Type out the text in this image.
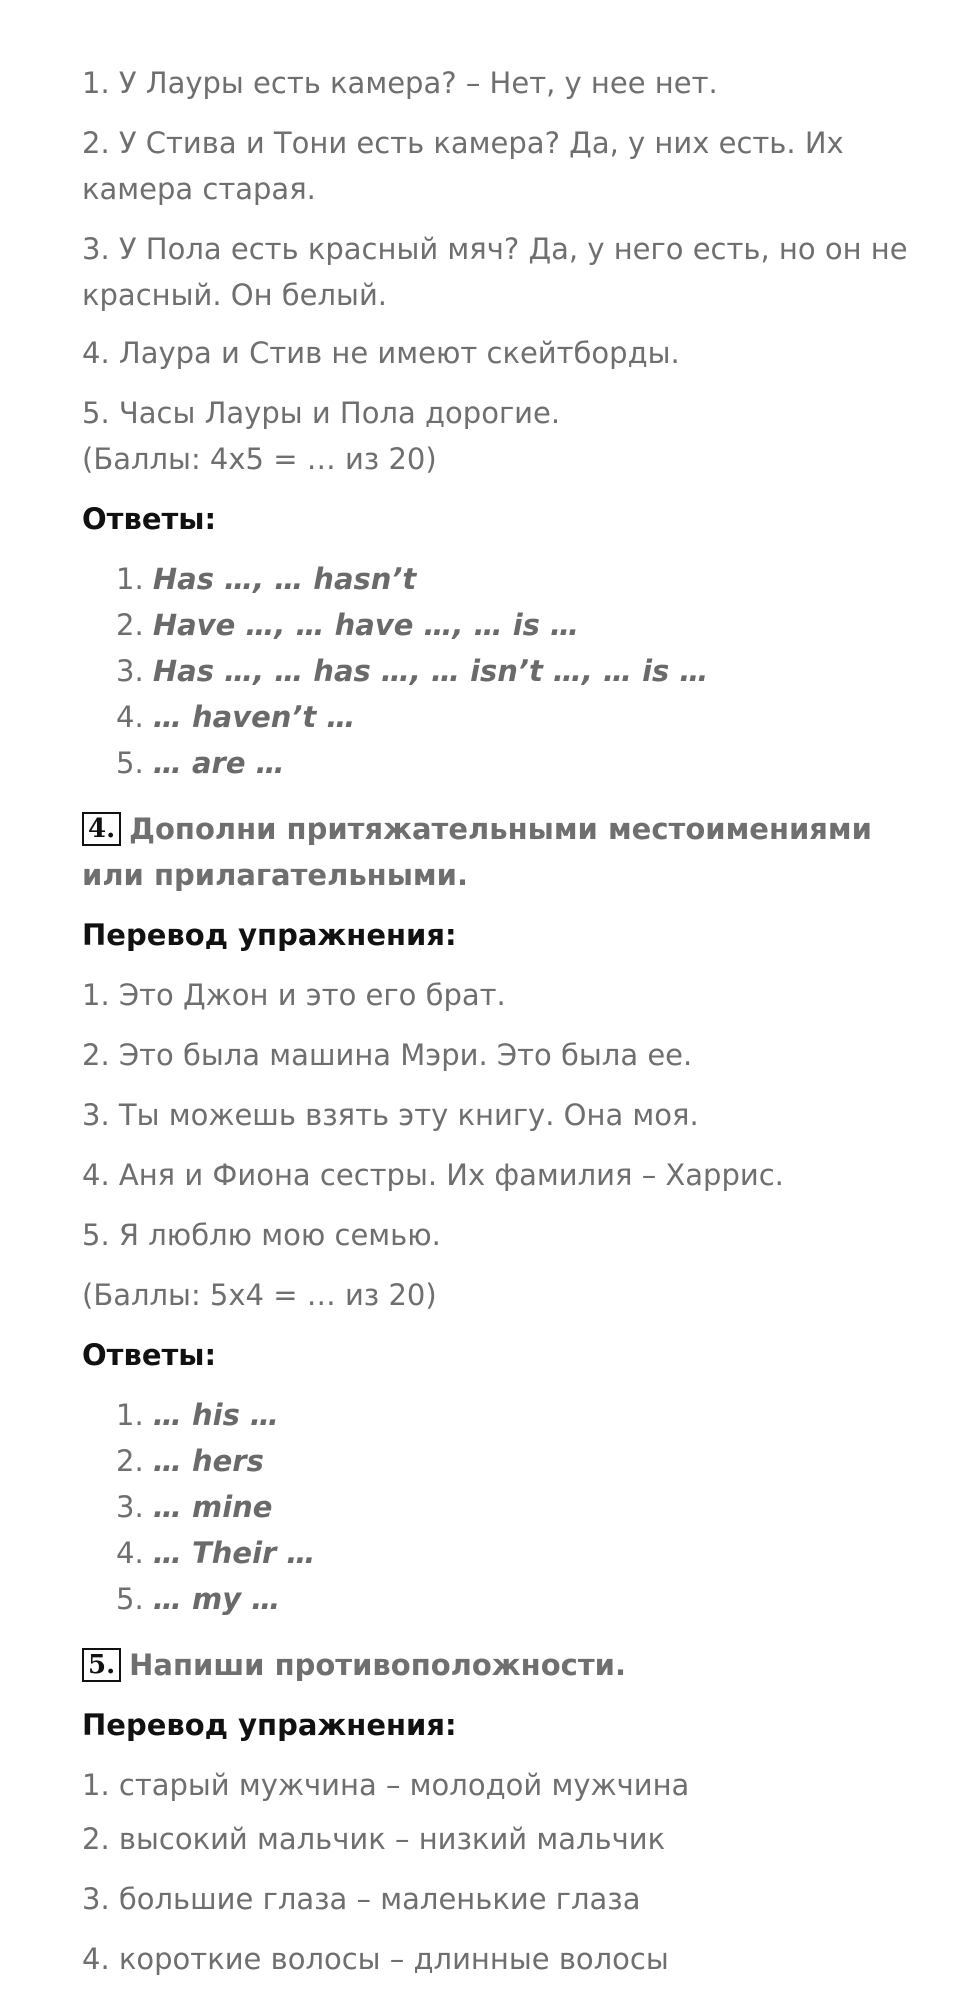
1. У Лауры есть камера? – Нет, у нее нет.

2. У Стива и Тони есть камера? Да, у них есть. Их камера старая.

3. У Пола есть красный мяч? Да, у него есть, но он не красный. Он белый.

4. Лаура и Стив не имеют скейтборды.

5. Часы Лауры и Пола дорогие.

(Баллы: 4х5 = … из 20)

Ответы:

1. Has …, … hasn’t
2. Have …, … have …, … is …
3. Has …, … has …, … isn’t …, … is …
4. … haven’t …
5. … are …
4. Дополни притяжательными местоимениями или прилагательными.

Перевод упражнения:

1. Это Джон и это его брат.

2. Это была машина Мэри. Это была ее.

3. Ты можешь взять эту книгу. Она моя.

4. Аня и Фиона сестры. Их фамилия – Харрис.

5. Я люблю мою семью.

(Баллы: 5х4 = … из 20)

Ответы:

1. … his …
2. … hers
3. … mine
4. … Their …
5. … my …
5. Напиши противоположности.

Перевод упражнения:

1. старый мужчина – молодой мужчина

2. высокий мальчик – низкий мальчик

3. большие глаза – маленькие глаза

4. короткие волосы – длинные волосы
